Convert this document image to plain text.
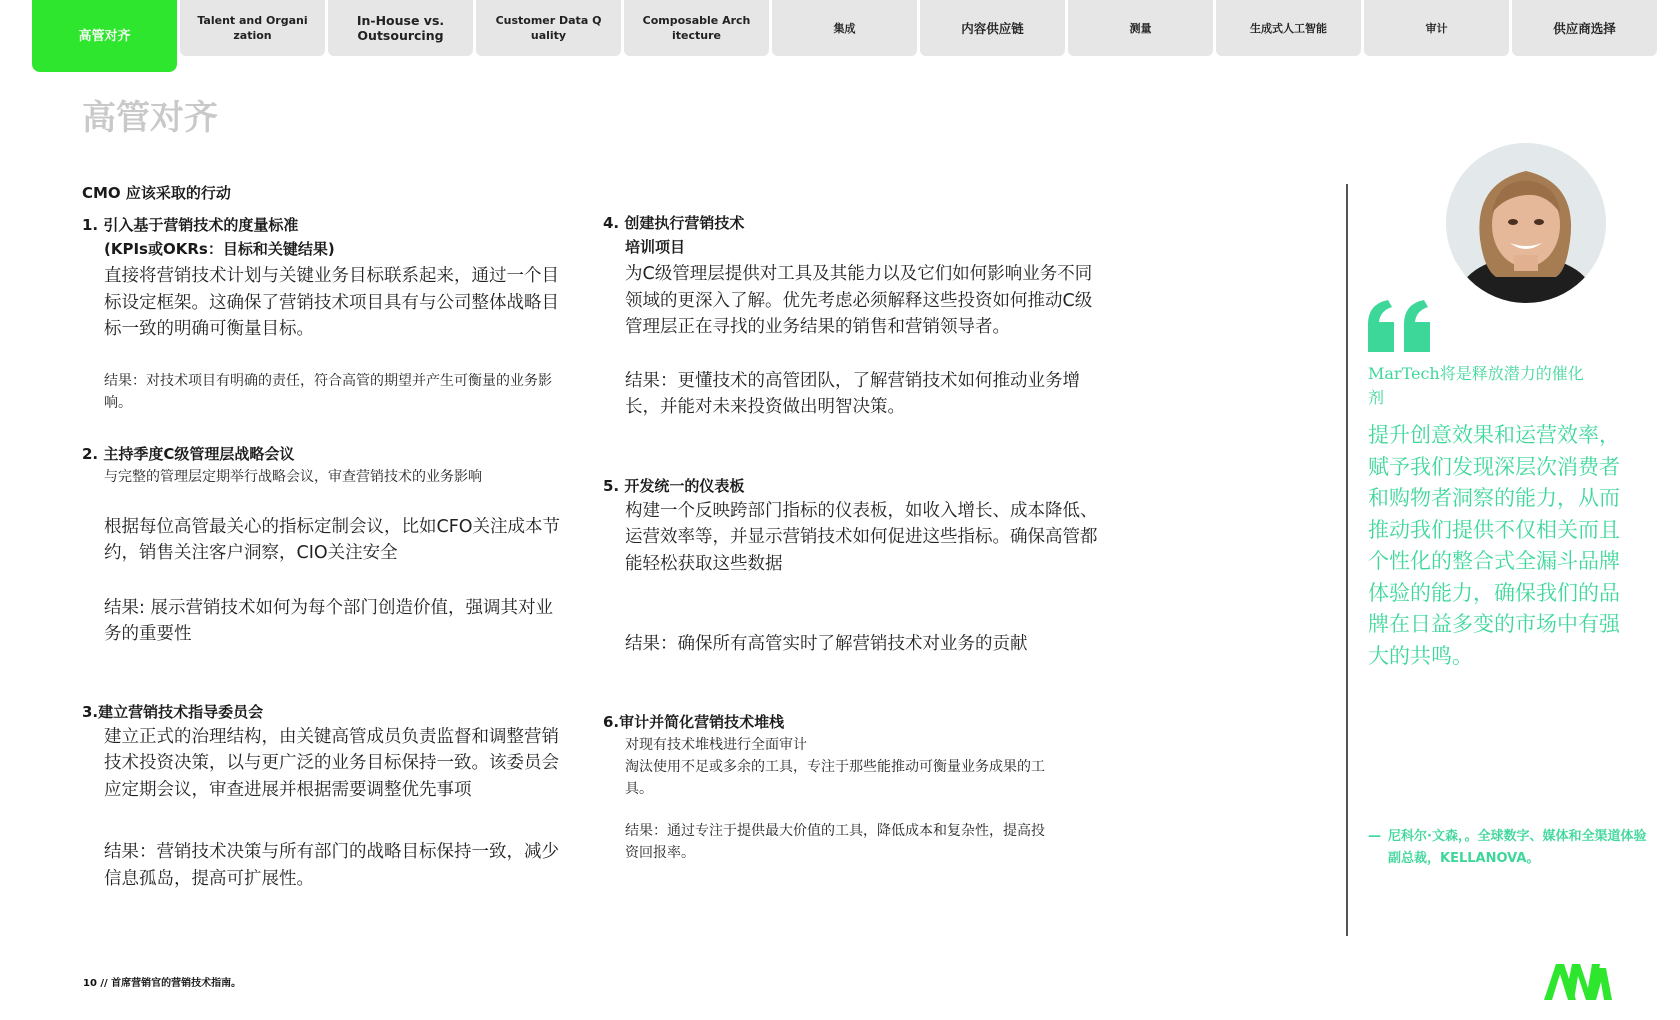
高管对齐
Talent and Organi zation
In-House vs. Outsourcing
Customer Data Q uality
Composable Arch itecture
集成	内容供应链	测量	生成式人工智能	审计	供应商选择
高管对齐

CMO 应该采取的行动

1. 引入基于营销技术的度量标准

(KPIs或OKRs：目标和关键结果)

直接将营销技术计划与关键业务目标联系起来，通过一个目标设定框架。这确保了营销技术项目具有与公司整体战略目标一致的明确可衡量目标。

结果：对技术项目有明确的责任，符合高管的期望并产生可衡量的业务影响。

2. 主持季度C级管理层战略会议

与完整的管理层定期举行战略会议，审查营销技术的业务影响

根据每位高管最关心的指标定制会议，比如CFO关注成本节约，销售关注客户洞察，CIO关注安全

结果: 展示营销技术如何为每个部门创造价值，强调其对业务的重要性

3.建立营销技术指导委员会

建立正式的治理结构，由关键高管成员负责监督和调整营销技术投资决策，以与更广泛的业务目标保持一致。该委员会应定期会议，审查进展并根据需要调整优先事项

结果：营销技术决策与所有部门的战略目标保持一致，减少信息孤岛，提高可扩展性。

4. 创建执行营销技术

培训项目

为C级管理层提供对工具及其能力以及它们如何影响业务不同领域的更深入了解。优先考虑必须解释这些投资如何推动C级管理层正在寻找的业务结果的销售和营销领导者。

结果：更懂技术的高管团队，了解营销技术如何推动业务增长，并能对未来投资做出明智决策。

5. 开发统一的仪表板

构建一个反映跨部门指标的仪表板，如收入增长、成本降低、运营效率等，并显示营销技术如何促进这些指标。确保高管都能轻松获取这些数据

结果：确保所有高管实时了解营销技术对业务的贡献

6.审计并简化营销技术堆栈

对现有技术堆栈进行全面审计

淘汰使用不足或多余的工具，专注于那些能推动可衡量业务成果的工具。

结果：通过专注于提供最大价值的工具，降低成本和复杂性，提高投资回报率。

MarTech将是释放潜力的催化剂
提升创意效果和运营效率，赋予我们发现深层次消费者和购物者洞察的能力，从而推动我们提供不仅相关而且个性化的整合式全漏斗品牌体验的能力，确保我们的品牌在日益多变的市场中有强大的共鸣。
— 尼科尔·文森，。全球数字、媒体和全渠道体验副总裁，KELLANOVA。
10 // 首席营销官的营销技术指南。
